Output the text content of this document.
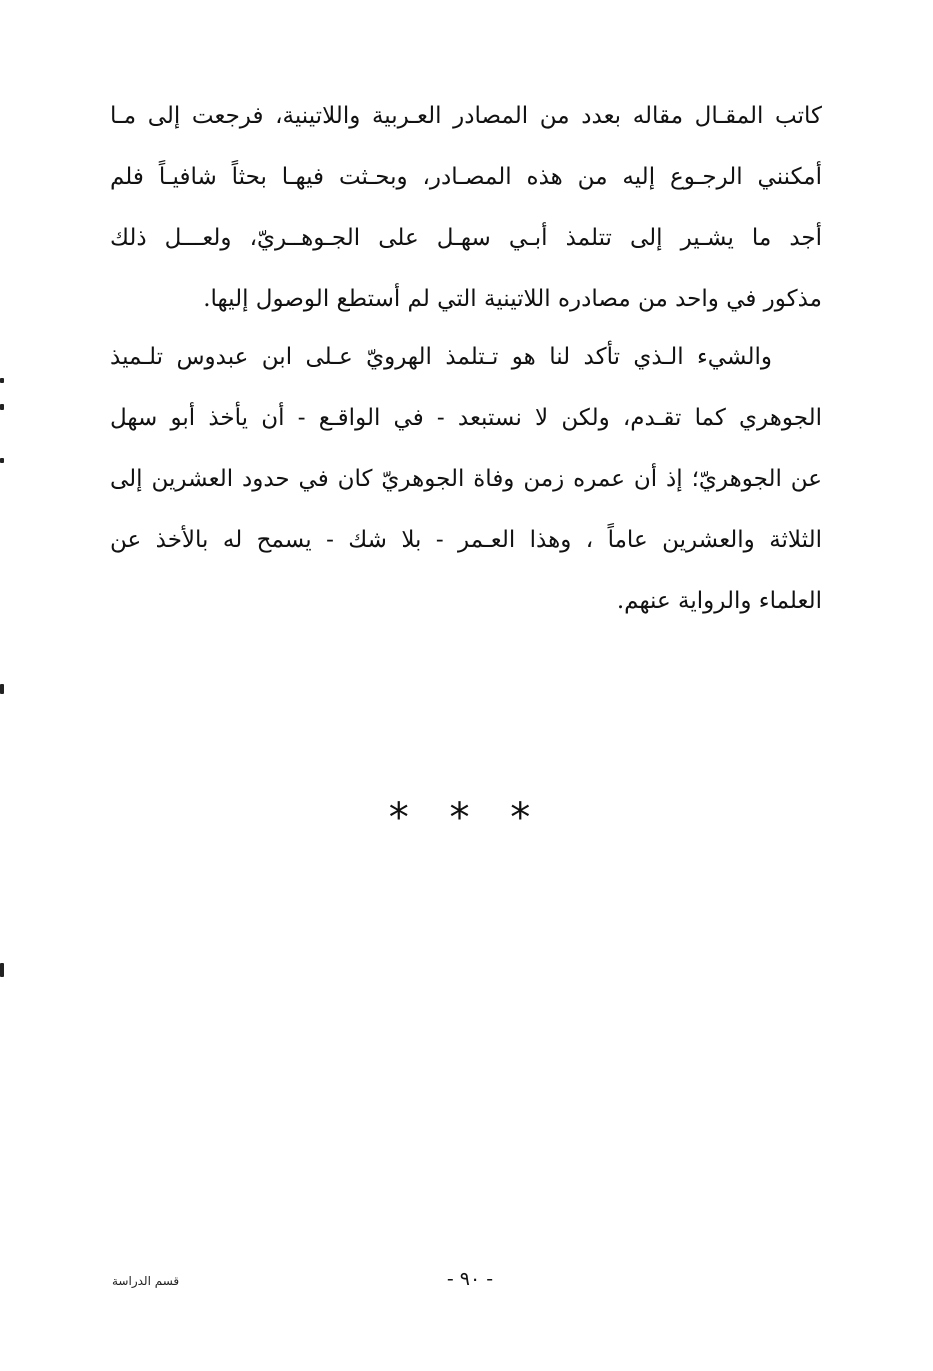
كاتب المقـال مقاله بعدد من المصادر العـربية واللاتينية، فرجعت إلى مـا
أمكنني الرجـوع إليه من هذه المصـادر، وبحـثت فيهـا بحثاً شافيـاً فلم
أجد ما يشـير إلى تتلمذ أبـي سهـل على الجـوهــريّ، ولعـــل ذلك
مذكور في واحد من مصادره اللاتينية التي لم أستطع الوصول إليها.
والشيء الـذي تأكد لنا هو تـتلمذ الهرويّ عـلى ابن عبدوس تلـميذ
الجوهري كما تقـدم، ولكن لا نستبعد - في الواقـع - أن يأخذ أبو سهل
عن الجوهريّ؛ إذ أن عمره زمن وفاة الجوهريّ كان في حدود العشرين إلى
الثلاثة والعشرين عاماً ، وهذا العـمر - بلا شك - يسمح له بالأخذ عن
العلماء والرواية عنهم.
* * *
قسم الدراسة	- ٩٠ -
